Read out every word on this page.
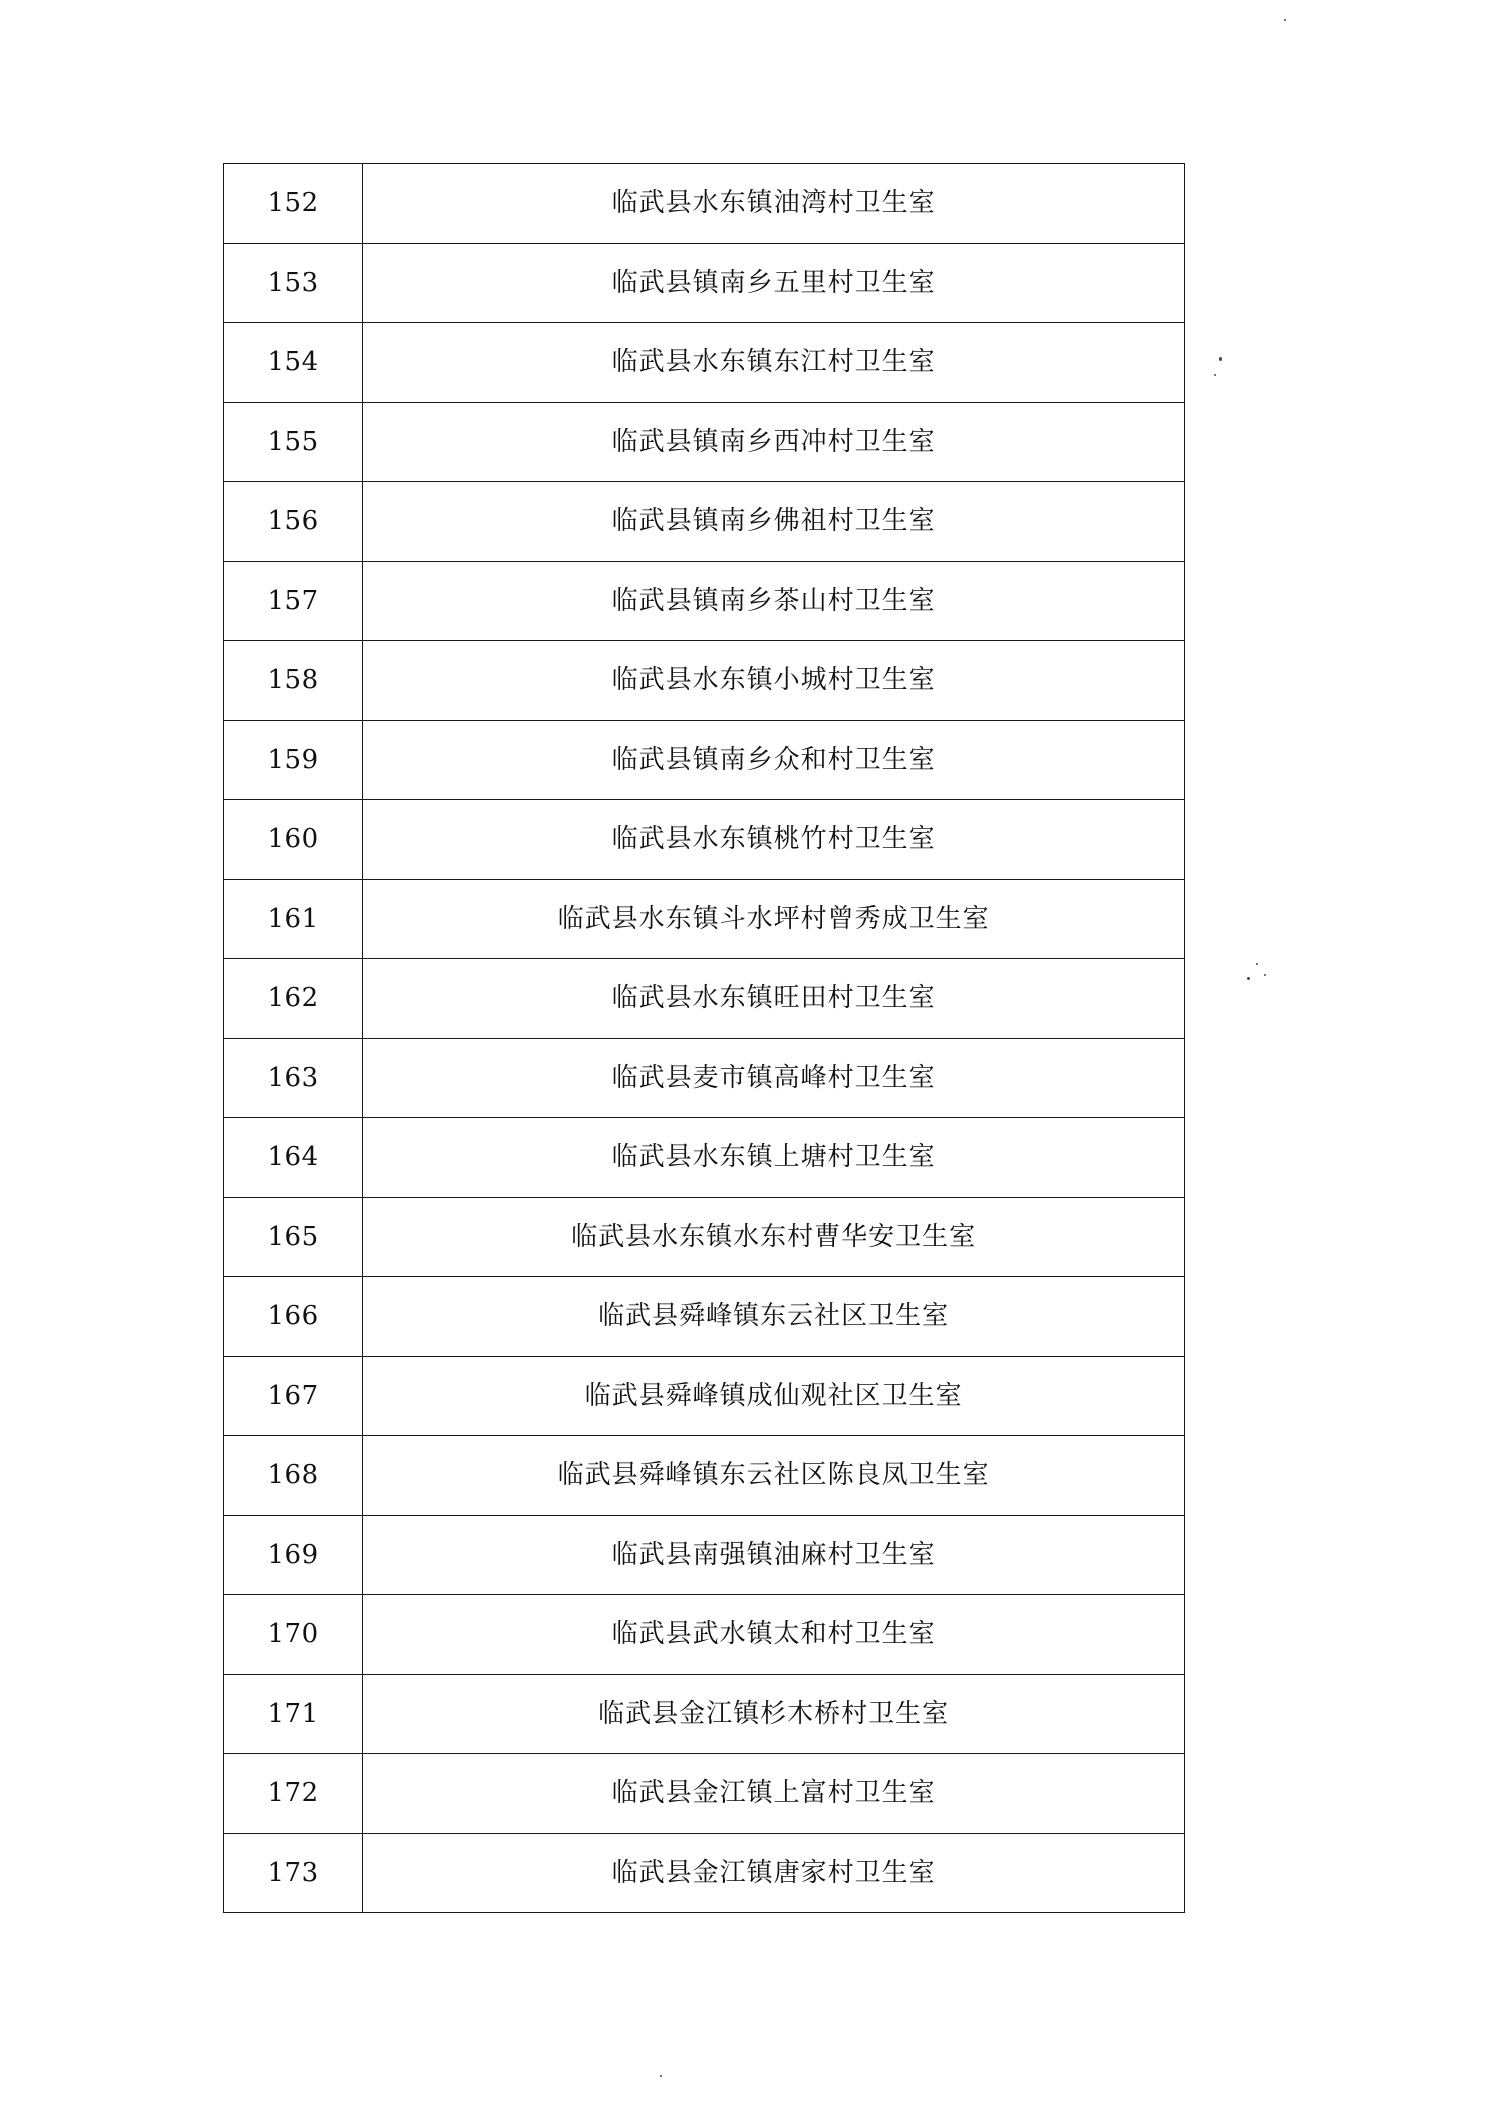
152	临武县水东镇油湾村卫生室
153	临武县镇南乡五里村卫生室
154	临武县水东镇东江村卫生室
155	临武县镇南乡西冲村卫生室
156	临武县镇南乡佛祖村卫生室
157	临武县镇南乡茶山村卫生室
158	临武县水东镇小城村卫生室
159	临武县镇南乡众和村卫生室
160	临武县水东镇桃竹村卫生室
161	临武县水东镇斗水坪村曾秀成卫生室
162	临武县水东镇旺田村卫生室
163	临武县麦市镇高峰村卫生室
164	临武县水东镇上塘村卫生室
165	临武县水东镇水东村曹华安卫生室
166	临武县舜峰镇东云社区卫生室
167	临武县舜峰镇成仙观社区卫生室
168	临武县舜峰镇东云社区陈良凤卫生室
169	临武县南强镇油麻村卫生室
170	临武县武水镇太和村卫生室
171	临武县金江镇杉木桥村卫生室
172	临武县金江镇上富村卫生室
173	临武县金江镇唐家村卫生室
